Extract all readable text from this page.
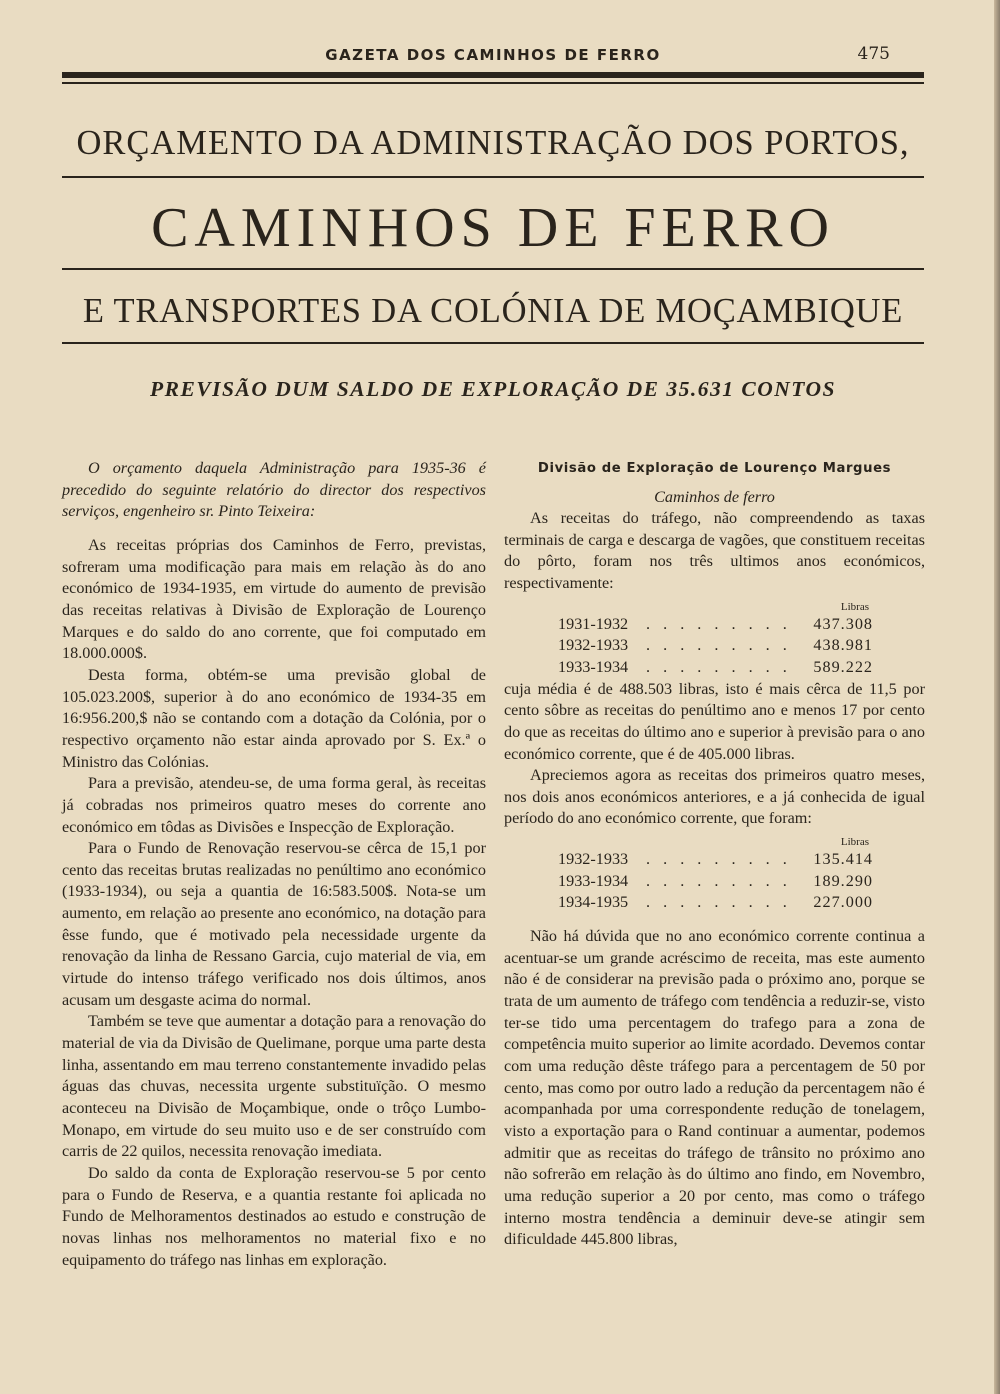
GAZETA DOS CAMINHOS DE FERRO	475
ORÇAMENTO DA ADMINISTRAÇÃO DOS PORTOS,
CAMINHOS DE FERRO
E TRANSPORTES DA COLÓNIA DE MOÇAMBIQUE
PREVISÃO DUM SALDO DE EXPLORAÇÃO DE 35.631 CONTOS

O orçamento daquela Administração para 1935-36 é precedido do seguinte relatório do director dos respectivos serviços, engenheiro sr. Pinto Teixeira:

As receitas próprias dos Caminhos de Ferro, previstas, sofreram uma modificação para mais em relação às do ano económico de 1934-1935, em virtude do aumento de previsão das receitas relativas à Divisão de Exploração de Lourenço Marques e do saldo do ano corrente, que foi computado em 18.000.000$.

Desta forma, obtém-se uma previsão global de 105.023.200$, superior à do ano económico de 1934-35 em 16:956.200,$ não se contando com a dotação da Colónia, por o respectivo orçamento não estar ainda aprovado por S. Ex.ª o Ministro das Colónias.

Para a previsão, atendeu-se, de uma forma geral, às receitas já cobradas nos primeiros quatro meses do corrente ano económico em tôdas as Divisões e Inspecção de Exploração.

Para o Fundo de Renovação reservou-se cêrca de 15,1 por cento das receitas brutas realizadas no penúltimo ano económico (1933-1934), ou seja a quantia de 16:583.500$. Nota-se um aumento, em relação ao presente ano económico, na dotação para êsse fundo, que é motivado pela necessidade urgente da renovação da linha de Ressano Garcia, cujo material de via, em virtude do intenso tráfego verificado nos dois últimos, anos acusam um desgaste acima do normal.

Também se teve que aumentar a dotação para a renovação do material de via da Divisão de Quelimane, porque uma parte desta linha, assentando em mau terreno constantemente invadido pelas águas das chuvas, necessita urgente substituïção. O mesmo aconteceu na Divisão de Moçambique, onde o trôço Lumbo-Monapo, em virtude do seu muito uso e de ser construído com carris de 22 quilos, necessita renovação imediata.

Do saldo da conta de Exploração reservou-se 5 por cento para o Fundo de Reserva, e a quantia restante foi aplicada no Fundo de Melhoramentos destinados ao estudo e construção de novas linhas nos melhoramentos no material fixo e no equipamento do tráfego nas linhas em exploração.

Divisão de Exploração de Lourenço Margues
Caminhos de ferro

As receitas do tráfego, não compreendendo as taxas terminais de carga e descarga de vagões, que constituem receitas do pôrto, foram nos três ultimos anos económicos, respectivamente:

Libras
1931-1932 . . . . . . . . . 437.308
1932-1933 . . . . . . . . . 438.981
1933-1934 . . . . . . . . . 589.222

cuja média é de 488.503 libras, isto é mais cêrca de 11,5 por cento sôbre as receitas do penúltimo ano e menos 17 por cento do que as receitas do último ano e superior à previsão para o ano económico corrente, que é de 405.000 libras.

Apreciemos agora as receitas dos primeiros quatro meses, nos dois anos económicos anteriores, e a já conhecida de igual período do ano económico corrente, que foram:

Libras
1932-1933 . . . . . . . . . 135.414
1933-1934 . . . . . . . . . 189.290
1934-1935 . . . . . . . . . 227.000

Não há dúvida que no ano económico corrente continua a acentuar-se um grande acréscimo de receita, mas este aumento não é de considerar na previsão pada o próximo ano, porque se trata de um aumento de tráfego com tendência a reduzir-se, visto ter-se tido uma percentagem do trafego para a zona de competência muito superior ao limite acordado. Devemos contar com uma redução dêste tráfego para a percentagem de 50 por cento, mas como por outro lado a redução da percentagem não é acompanhada por uma correspondente redução de tonelagem, visto a exportação para o Rand continuar a aumentar, podemos admitir que as receitas do tráfego de trânsito no próximo ano não sofrerão em relação às do último ano findo, em Novembro, uma redução superior a 20 por cento, mas como o tráfego interno mostra tendência a deminuir deve-se atingir sem dificuldade 445.800 libras,
